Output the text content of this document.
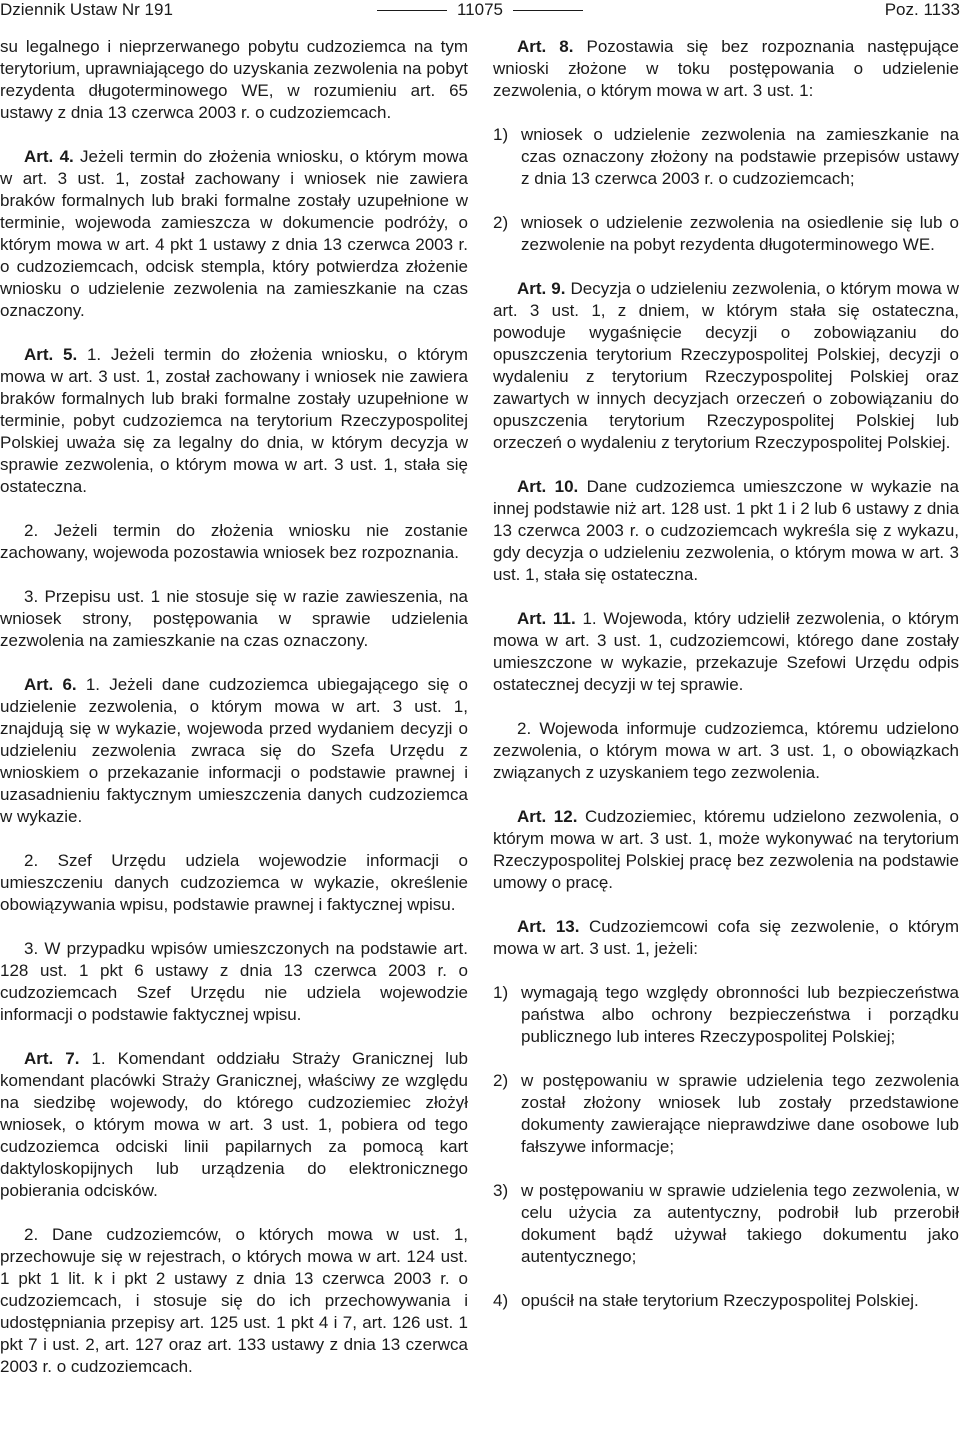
Dziennik Ustaw Nr 191	11075	Poz. 1133

su legalnego i nieprzerwanego pobytu cudzoziemca na tym terytorium, uprawniającego do uzyskania zezwolenia na pobyt rezydenta długoterminowego WE, w rozumieniu art. 65 ustawy z dnia 13 czerwca 2003 r. o cudzoziemcach.

Art. 4. Jeżeli termin do złożenia wniosku, o którym mowa w art. 3 ust. 1, został zachowany i wniosek nie zawiera braków formalnych lub braki formalne zostały uzupełnione w terminie, wojewoda zamieszcza w dokumencie podróży, o którym mowa w art. 4 pkt 1 ustawy z dnia 13 czerwca 2003 r. o cudzoziemcach, odcisk stempla, który potwierdza złożenie wniosku o udzielenie zezwolenia na zamieszkanie na czas oznaczony.

Art. 5. 1. Jeżeli termin do złożenia wniosku, o którym mowa w art. 3 ust. 1, został zachowany i wniosek nie zawiera braków formalnych lub braki formalne zostały uzupełnione w terminie, pobyt cudzoziemca na terytorium Rzeczypospolitej Polskiej uważa się za legalny do dnia, w którym decyzja w sprawie zezwolenia, o którym mowa w art. 3 ust. 1, stała się ostateczna.

2. Jeżeli termin do złożenia wniosku nie zostanie zachowany, wojewoda pozostawia wniosek bez rozpoznania.

3. Przepisu ust. 1 nie stosuje się w razie zawieszenia, na wniosek strony, postępowania w sprawie udzielenia zezwolenia na zamieszkanie na czas oznaczony.

Art. 6. 1. Jeżeli dane cudzoziemca ubiegającego się o udzielenie zezwolenia, o którym mowa w art. 3 ust. 1, znajdują się w wykazie, wojewoda przed wydaniem decyzji o udzieleniu zezwolenia zwraca się do Szefa Urzędu z wnioskiem o przekazanie informacji o podstawie prawnej i uzasadnieniu faktycznym umieszczenia danych cudzoziemca w wykazie.

2. Szef Urzędu udziela wojewodzie informacji o umieszczeniu danych cudzoziemca w wykazie, określenie obowiązywania wpisu, podstawie prawnej i faktycznej wpisu.

3. W przypadku wpisów umieszczonych na podstawie art. 128 ust. 1 pkt 6 ustawy z dnia 13 czerwca 2003 r. o cudzoziemcach Szef Urzędu nie udziela wojewodzie informacji o podstawie faktycznej wpisu.

Art. 7. 1. Komendant oddziału Straży Granicznej lub komendant placówki Straży Granicznej, właściwy ze względu na siedzibę wojewody, do którego cudzoziemiec złożył wniosek, o którym mowa w art. 3 ust. 1, pobiera od tego cudzoziemca odciski linii papilarnych za pomocą kart daktyloskopijnych lub urządzenia do elektronicznego pobierania odcisków.

2. Dane cudzoziemców, o których mowa w ust. 1, przechowuje się w rejestrach, o których mowa w art. 124 ust. 1 pkt 1 lit. k i pkt 2 ustawy z dnia 13 czerwca 2003 r. o cudzoziemcach, i stosuje się do ich przechowywania i udostępniania przepisy art. 125 ust. 1 pkt 4 i 7, art. 126 ust. 1 pkt 7 i ust. 2, art. 127 oraz art. 133 ustawy z dnia 13 czerwca 2003 r. o cudzoziemcach.

Art. 8. Pozostawia się bez rozpoznania następujące wnioski złożone w toku postępowania o udzielenie zezwolenia, o którym mowa w art. 3 ust. 1:

1) wniosek o udzielenie zezwolenia na zamieszkanie na czas oznaczony złożony na podstawie przepisów ustawy z dnia 13 czerwca 2003 r. o cudzoziemcach;
2) wniosek o udzielenie zezwolenia na osiedlenie się lub o zezwolenie na pobyt rezydenta długoterminowego WE.

Art. 9. Decyzja o udzieleniu zezwolenia, o którym mowa w art. 3 ust. 1, z dniem, w którym stała się ostateczna, powoduje wygaśnięcie decyzji o zobowiązaniu do opuszczenia terytorium Rzeczypospolitej Polskiej, decyzji o wydaleniu z terytorium Rzeczypospolitej Polskiej oraz zawartych w innych decyzjach orzeczeń o zobowiązaniu do opuszczenia terytorium Rzeczypospolitej Polskiej lub orzeczeń o wydaleniu z terytorium Rzeczypospolitej Polskiej.

Art. 10. Dane cudzoziemca umieszczone w wykazie na innej podstawie niż art. 128 ust. 1 pkt 1 i 2 lub 6 ustawy z dnia 13 czerwca 2003 r. o cudzoziemcach wykreśla się z wykazu, gdy decyzja o udzieleniu zezwolenia, o którym mowa w art. 3 ust. 1, stała się ostateczna.

Art. 11. 1. Wojewoda, który udzielił zezwolenia, o którym mowa w art. 3 ust. 1, cudzoziemcowi, którego dane zostały umieszczone w wykazie, przekazuje Szefowi Urzędu odpis ostatecznej decyzji w tej sprawie.

2. Wojewoda informuje cudzoziemca, któremu udzielono zezwolenia, o którym mowa w art. 3 ust. 1, o obowiązkach związanych z uzyskaniem tego zezwolenia.

Art. 12. Cudzoziemiec, któremu udzielono zezwolenia, o którym mowa w art. 3 ust. 1, może wykonywać na terytorium Rzeczypospolitej Polskiej pracę bez zezwolenia na podstawie umowy o pracę.

Art. 13. Cudzoziemcowi cofa się zezwolenie, o którym mowa w art. 3 ust. 1, jeżeli:

1) wymagają tego względy obronności lub bezpieczeństwa państwa albo ochrony bezpieczeństwa i porządku publicznego lub interes Rzeczypospolitej Polskiej;
2) w postępowaniu w sprawie udzielenia tego zezwolenia został złożony wniosek lub zostały przedstawione dokumenty zawierające nieprawdziwe dane osobowe lub fałszywe informacje;
3) w postępowaniu w sprawie udzielenia tego zezwolenia, w celu użycia za autentyczny, podrobił lub przerobił dokument bądź używał takiego dokumentu jako autentycznego;
4) opuścił na stałe terytorium Rzeczypospolitej Polskiej.
